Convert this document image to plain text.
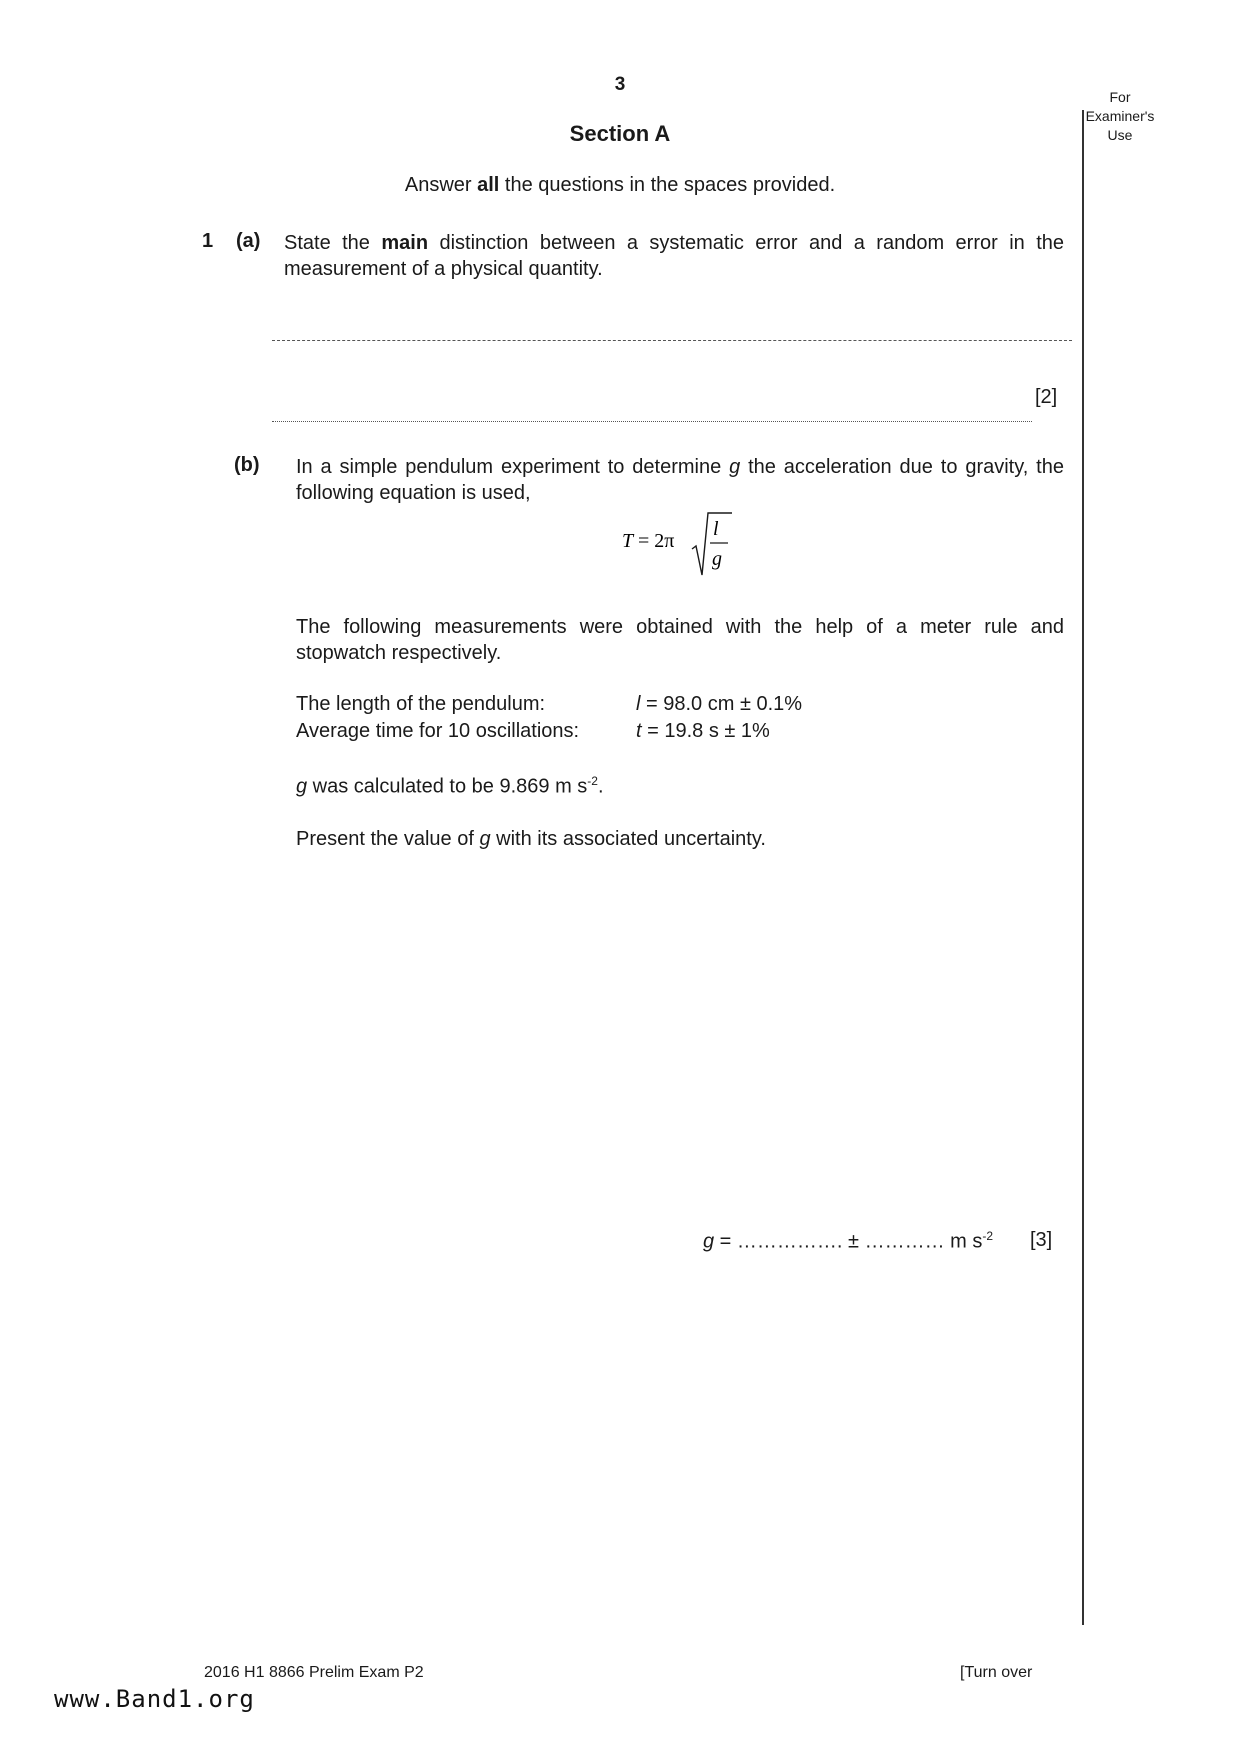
3
For
Examiner's
Use
Section A
Answer all the questions in the spaces provided.
1 (a) State the main distinction between a systematic error and a random error in the measurement of a physical quantity.
[2]
(b) In a simple pendulum experiment to determine g the acceleration due to gravity, the following equation is used,
T = 2π
l
g
The following measurements were obtained with the help of a meter rule and stopwatch respectively.
The length of the pendulum:	l = 98.0 cm ± 0.1%
Average time for 10 oscillations:	t = 19.8 s ± 1%
g was calculated to be 9.869 m $s^{-2}$.
Present the value of g with its associated uncertainty.
g = ……………. ± ………… m $s^{-2}$ [3]
2016 H1 8866 Prelim Exam P2	[Turn over
www.Band1.org
